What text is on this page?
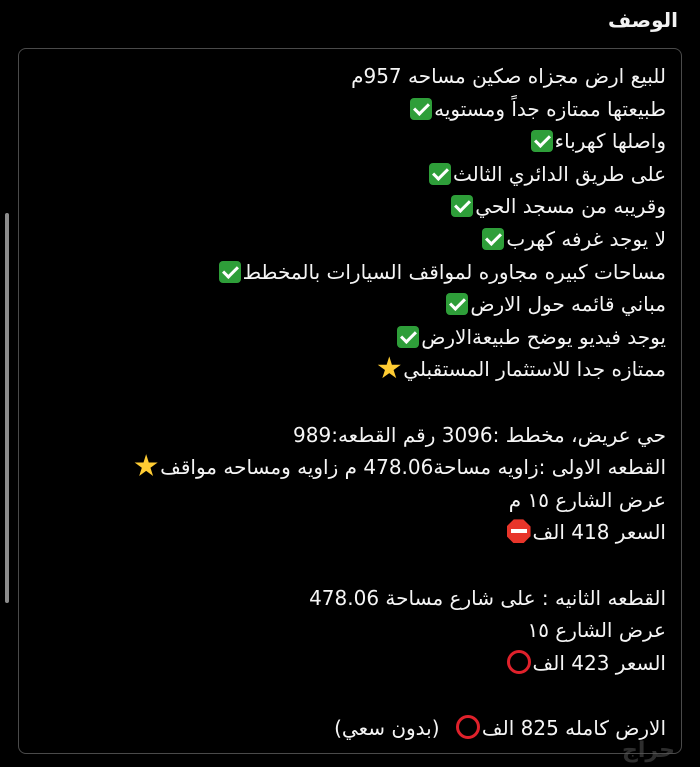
الوصف
للبيع ارض مجزاه صكين مساحه 957م
طبيعتها ممتازه جداً ومستويه
واصلها كهرباء
على طريق الدائري الثالث
وقريبه من مسجد الحي
لا يوجد غرفه كهرب
مساحات كبيره مجاوره لمواقف السيارات بالمخطط
مباني قائمه حول الارض
يوجد فيديو يوضح طبيعةالارض
ممتازه جدا للاستثمار المستقبلي
حي عريض، مخطط :3096 رقم القطعه:989
القطعه الاولى :زاويه مساحة478.06 م زاويه ومساحه مواقف
عرض الشارع ١٥ م
السعر 418 الف
القطعه الثانيه : على شارع مساحة 478.06
عرض الشارع ١٥
السعر 423 الف
الارض كامله 825 الف (بدون سعي)
حراج
